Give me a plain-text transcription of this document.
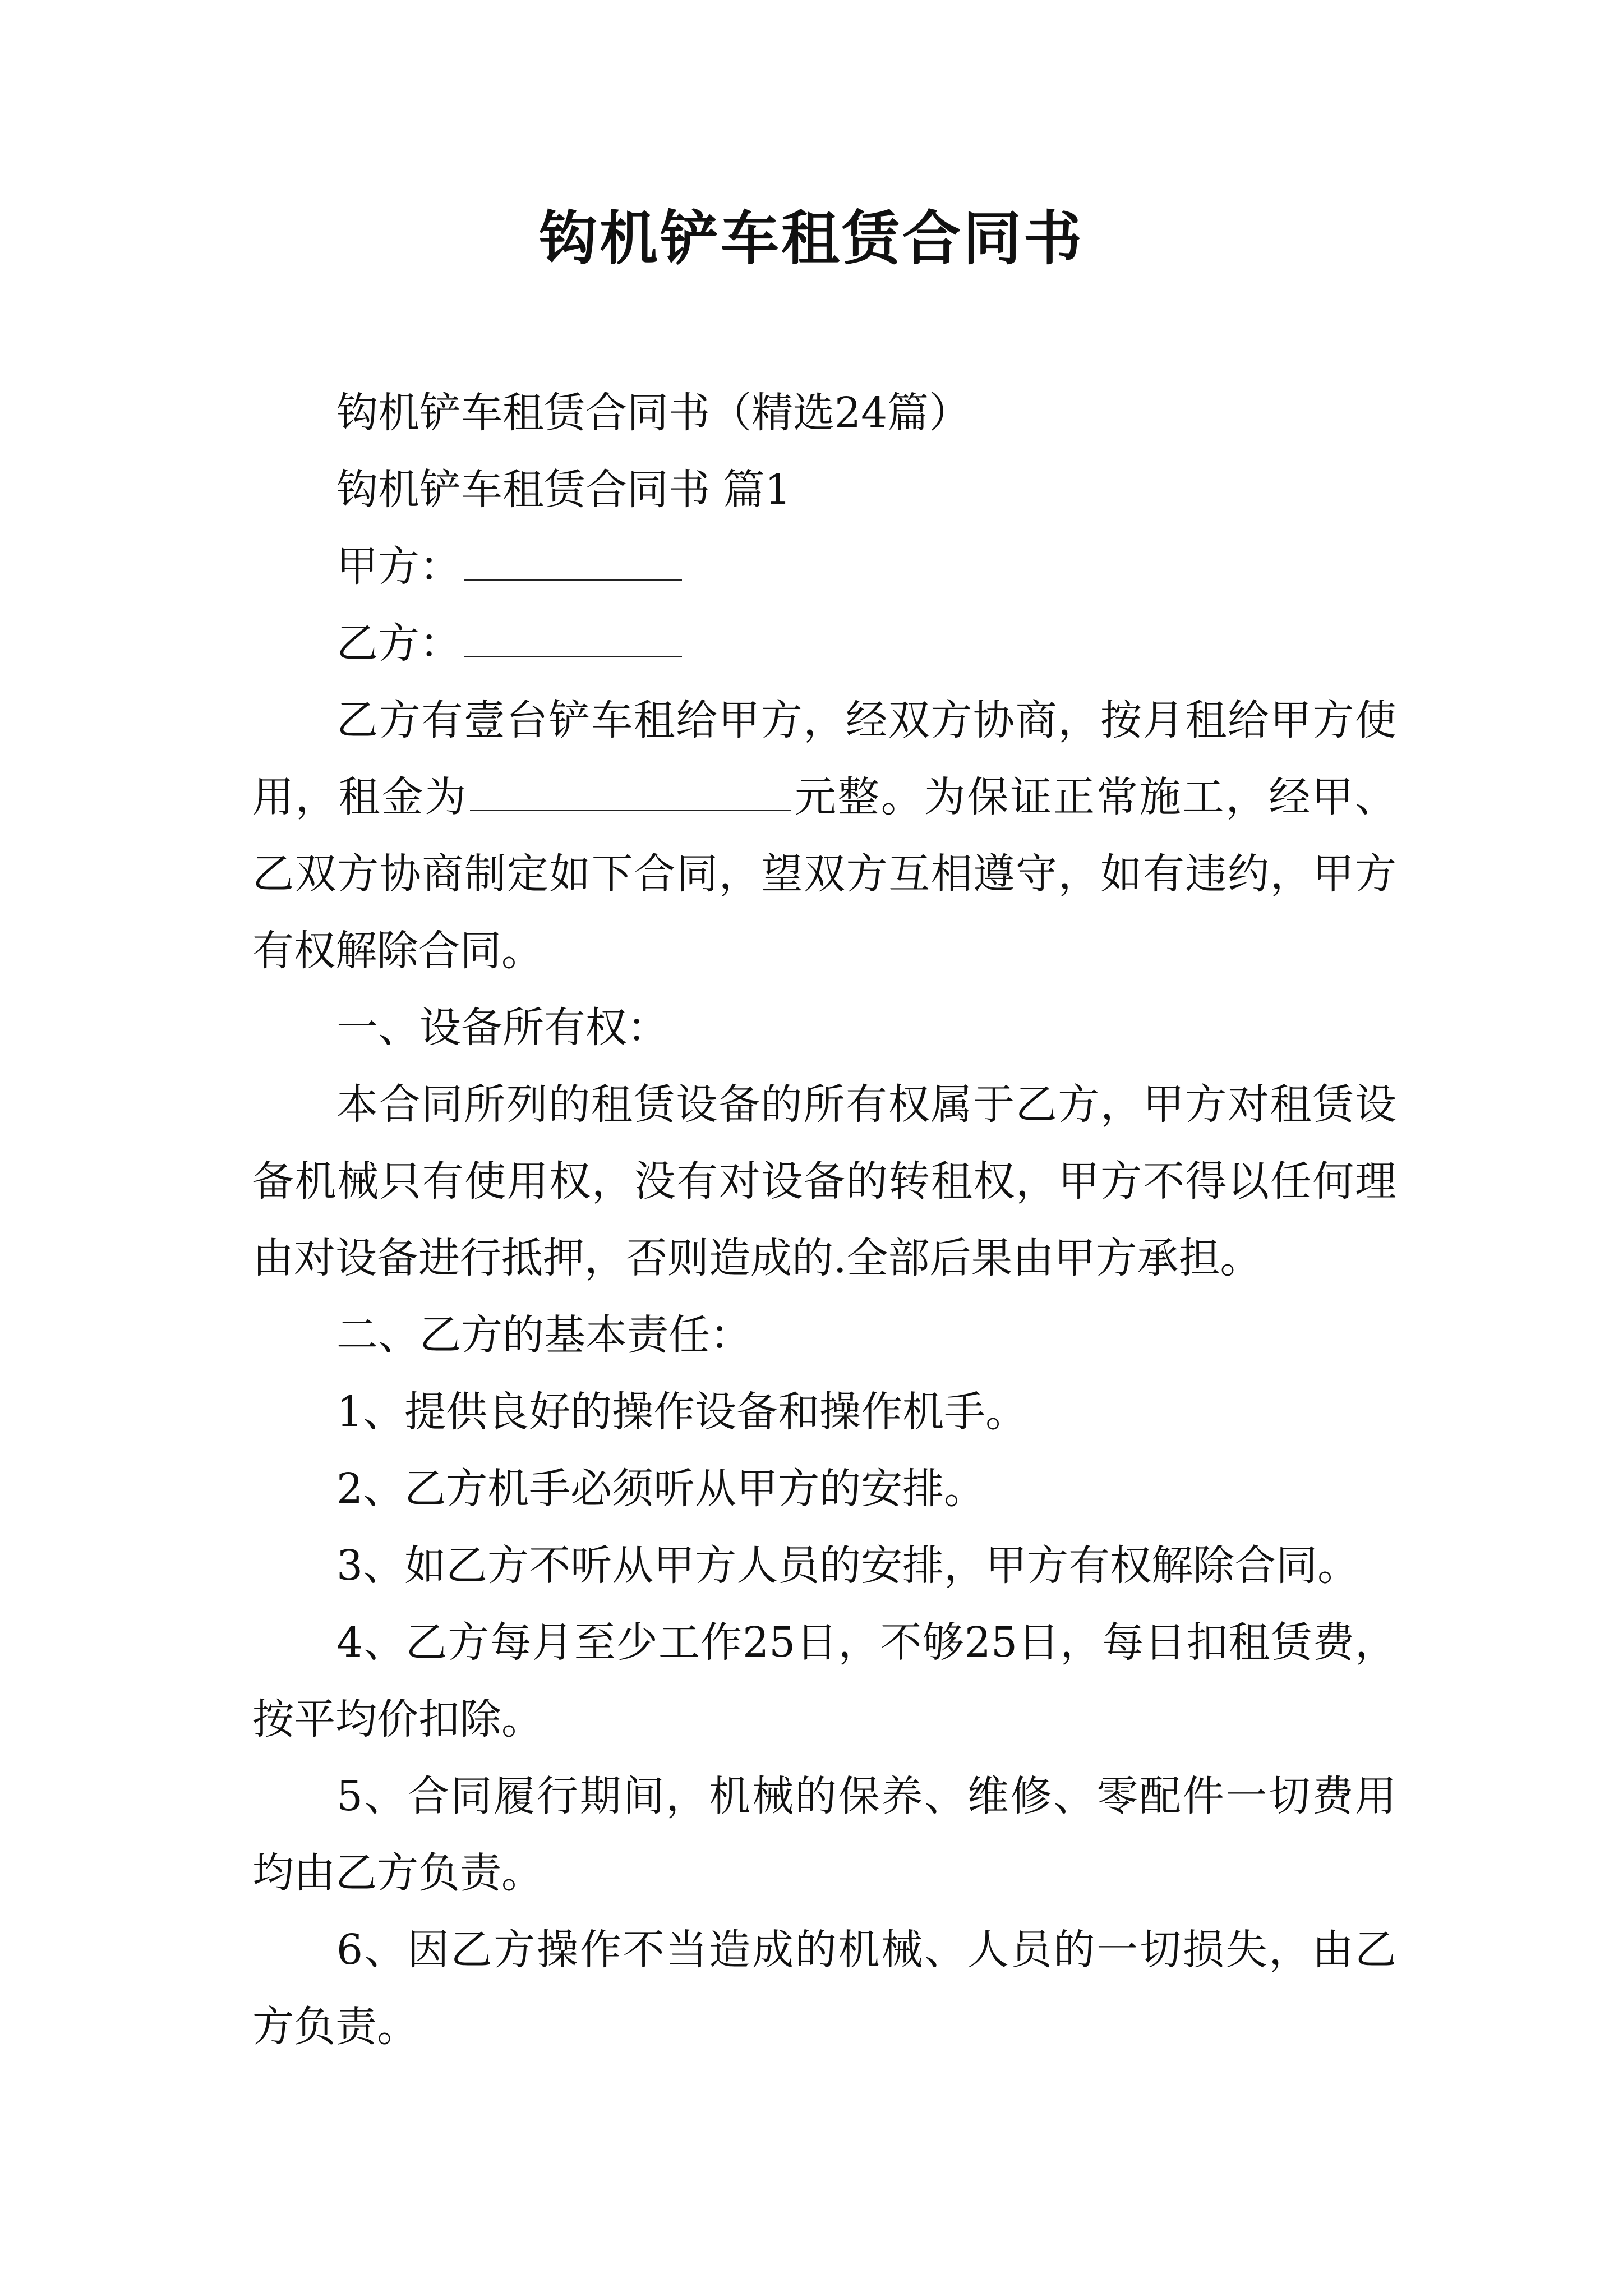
钩机铲车租赁合同书

钩机铲车租赁合同书（精选24篇）

钩机铲车租赁合同书 篇1

甲方：

乙方：

乙方有壹台铲车租给甲方，经双方协商，按月租给甲方使用，租金为	元整。为保证正常施工，经甲、乙双方协商制定如下合同，望双方互相遵守，如有违约，甲方有权解除合同。

一、设备所有权：

本合同所列的租赁设备的所有权属于乙方，甲方对租赁设备机械只有使用权，没有对设备的转租权，甲方不得以任何理由对设备进行抵押，否则造成的.全部后果由甲方承担。

二、乙方的基本责任：

1、提供良好的操作设备和操作机手。

2、乙方机手必须听从甲方的安排。

3、如乙方不听从甲方人员的安排，甲方有权解除合同。

4、乙方每月至少工作25日，不够25日，每日扣租赁费，按平均价扣除。

5、合同履行期间，机械的保养、维修、零配件一切费用均由乙方负责。

6、因乙方操作不当造成的机械、人员的一切损失，由乙方负责。
